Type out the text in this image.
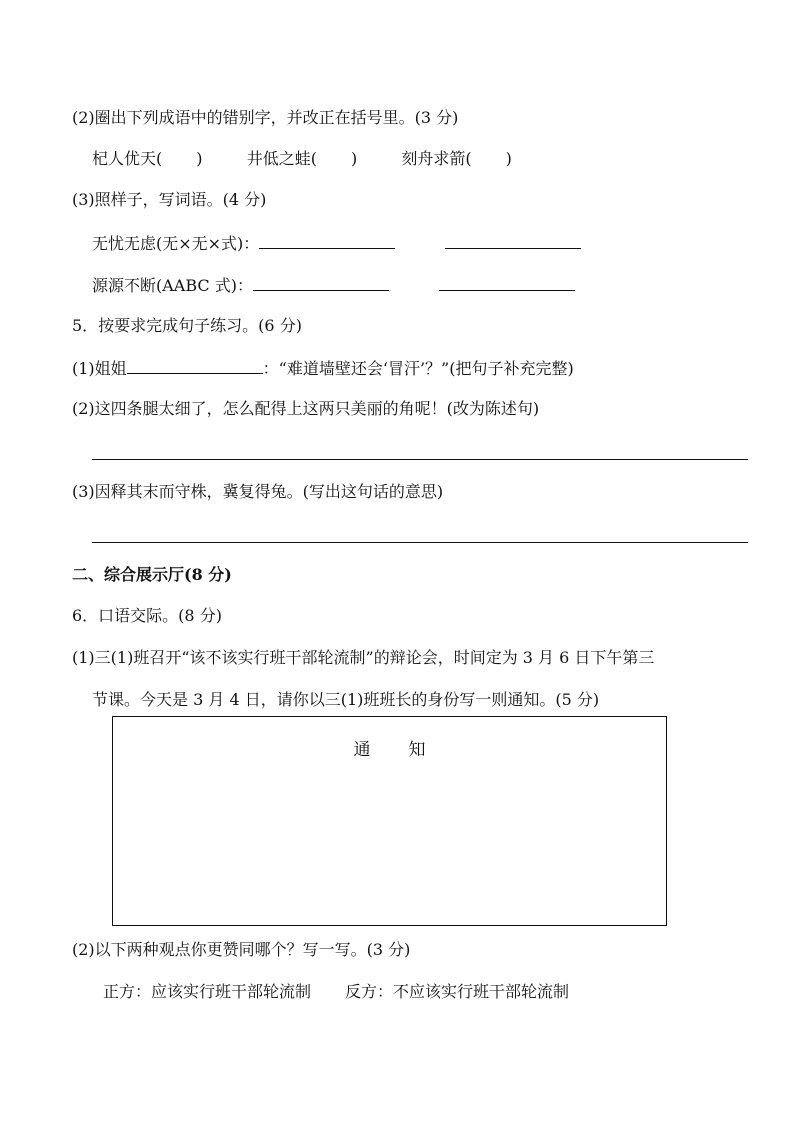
(2)圈出下列成语中的错别字，并改正在括号里。(3 分)
杞人优天( )	井低之蛙( )	刻舟求箭( )
(3)照样子，写词语。(4 分)
无忧无虑(无×无×式)：
源源不断(AABC 式)：
5．按要求完成句子练习。(6 分)
(1)姐姐	：“难道墙壁还会‘冒汗’？”(把句子补充完整)
(2)这四条腿太细了，怎么配得上这两只美丽的角呢！(改为陈述句)
(3)因释其末而守株，冀复得兔。(写出这句话的意思)
二、综合展示厅(8 分)
6．口语交际。(8 分)
(1)三(1)班召开“该不该实行班干部轮流制”的辩论会，时间定为 3 月 6 日下午第三
节课。今天是 3 月 4 日，请你以三(1)班班长的身份写一则通知。(5 分)
通知
(2)以下两种观点你更赞同哪个？写一写。(3 分)
正方：应该实行班干部轮流制 反方：不应该实行班干部轮流制
